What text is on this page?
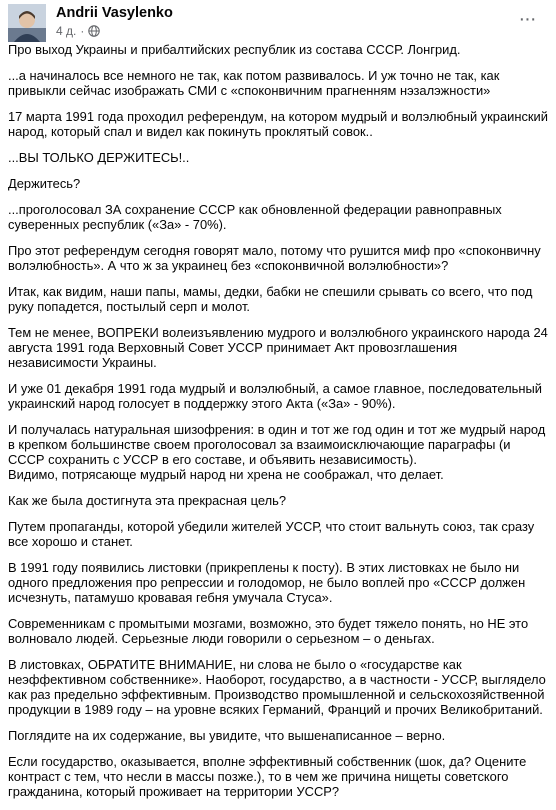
Andrii Vasylenko
4 д. ·
···

Про выход Украины и прибалтийских республик из состава СССР. Лонгрид.

...а начиналось все немного не так, как потом развивалось. И уж точно не так, как привыкли сейчас изображать СМИ с «споконвичним прагненням нэзалэжности»

17 марта 1991 года проходил референдум, на котором мудрый и волэлюбный украинский народ, который спал и видел как покинуть проклятый совок..

...ВЫ ТОЛЬКО ДЕРЖИТЕСЬ!..

Держитесь?

...проголосовал ЗА сохранение СССР как обновленной федерации равноправных суверенных республик («За» - 70%).

Про этот референдум сегодня говорят мало, потому что рушится миф про «споконвичну волэлюбность». А что ж за украинец без «споконвичной волэлюбности»?

Итак, как видим, наши папы, мамы, дедки, бабки не спешили срывать со всего, что под руку попадется, постылый серп и молот.

Тем не менее, ВОПРЕКИ волеизъявлению мудрого и волэлюбного украинского народа 24 августа 1991 года Верховный Совет УССР принимает Акт провозглашения независимости Украины.

И уже 01 декабря 1991 года мудрый и волэлюбный, а самое главное, последовательный украинский народ голосует в поддержку этого Акта («За» - 90%).

И получалась натуральная шизофрения: в один и тот же год один и тот же мудрый народ в крепком большинстве своем проголосовал за взаимоисключающие параграфы (и СССР сохранить с УССР в его составе, и объявить независимость).

Видимо, потрясающе мудрый народ ни хрена не соображал, что делает.

Как же была достигнута эта прекрасная цель?

Путем пропаганды, которой убедили жителей УССР, что стоит вальнуть союз, так сразу все хорошо и станет.

В 1991 году появились листовки (прикреплены к посту). В этих листовках не было ни одного предложения про репрессии и голодомор, не было воплей про «СССР должен исчезнуть, патамушо кровавая гебня умучала Стуса».

Современникам с промытыми мозгами, возможно, это будет тяжело понять, но НЕ это волновало людей. Серьезные люди говорили о серьезном – о деньгах.

В листовках, ОБРАТИТЕ ВНИМАНИЕ, ни слова не было о «государстве как неэффективном собственнике». Наоборот, государство, а в частности - УССР, выглядело как раз предельно эффективным. Производство промышленной и сельскохозяйственной продукции в 1989 году – на уровне всяких Германий, Франций и прочих Великобританий.

Поглядите на их содержание, вы увидите, что вышенаписанное – верно.

Если государство, оказывается, вполне эффективный собственник (шок, да? Оцените контраст с тем, что несли в массы позже.), то в чем же причина нищеты советского гражданина, который проживает на территории УССР?
